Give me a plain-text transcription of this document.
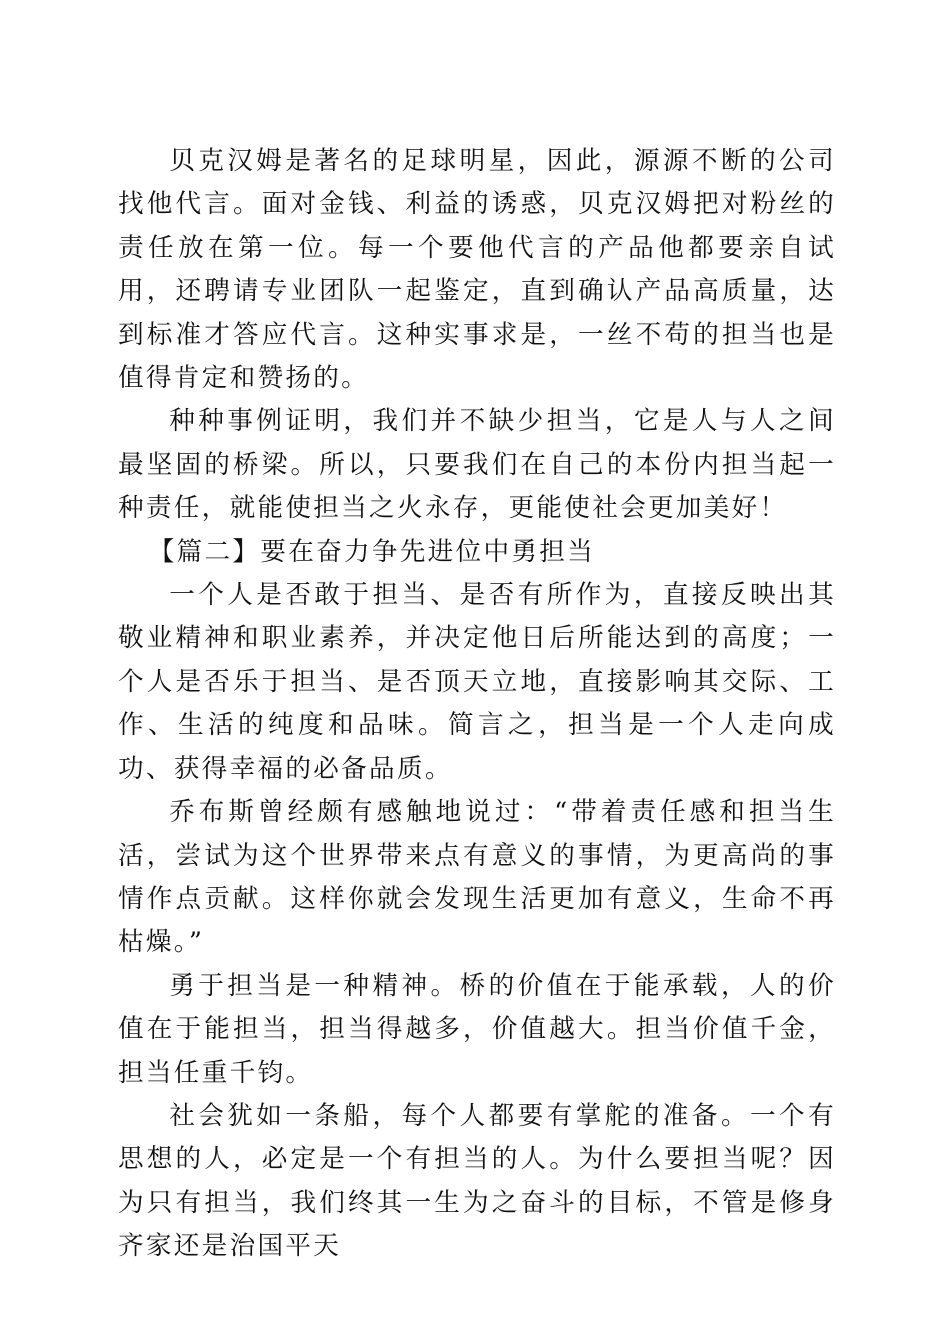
贝克汉姆是著名的足球明星，因此，源源不断的公司找他代言。面对金钱、利益的诱惑，贝克汉姆把对粉丝的责任放在第一位。每一个要他代言的产品他都要亲自试用，还聘请专业团队一起鉴定，直到确认产品高质量，达到标准才答应代言。这种实事求是，一丝不苟的担当也是值得肯定和赞扬的。

种种事例证明，我们并不缺少担当，它是人与人之间最坚固的桥梁。所以，只要我们在自己的本份内担当起一种责任，就能使担当之火永存，更能使社会更加美好！

【篇二】要在奋力争先进位中勇担当

一个人是否敢于担当、是否有所作为，直接反映出其敬业精神和职业素养，并决定他日后所能达到的高度；一个人是否乐于担当、是否顶天立地，直接影响其交际、工作、生活的纯度和品味。简言之，担当是一个人走向成功、获得幸福的必备品质。

乔布斯曾经颇有感触地说过：“带着责任感和担当生活，尝试为这个世界带来点有意义的事情，为更高尚的事情作点贡献。这样你就会发现生活更加有意义，生命不再枯燥。”

勇于担当是一种精神。桥的价值在于能承载，人的价值在于能担当，担当得越多，价值越大。担当价值千金，担当任重千钧。

社会犹如一条船，每个人都要有掌舵的准备。一个有思想的人，必定是一个有担当的人。为什么要担当呢？因为只有担当，我们终其一生为之奋斗的目标，不管是修身齐家还是治国平天
